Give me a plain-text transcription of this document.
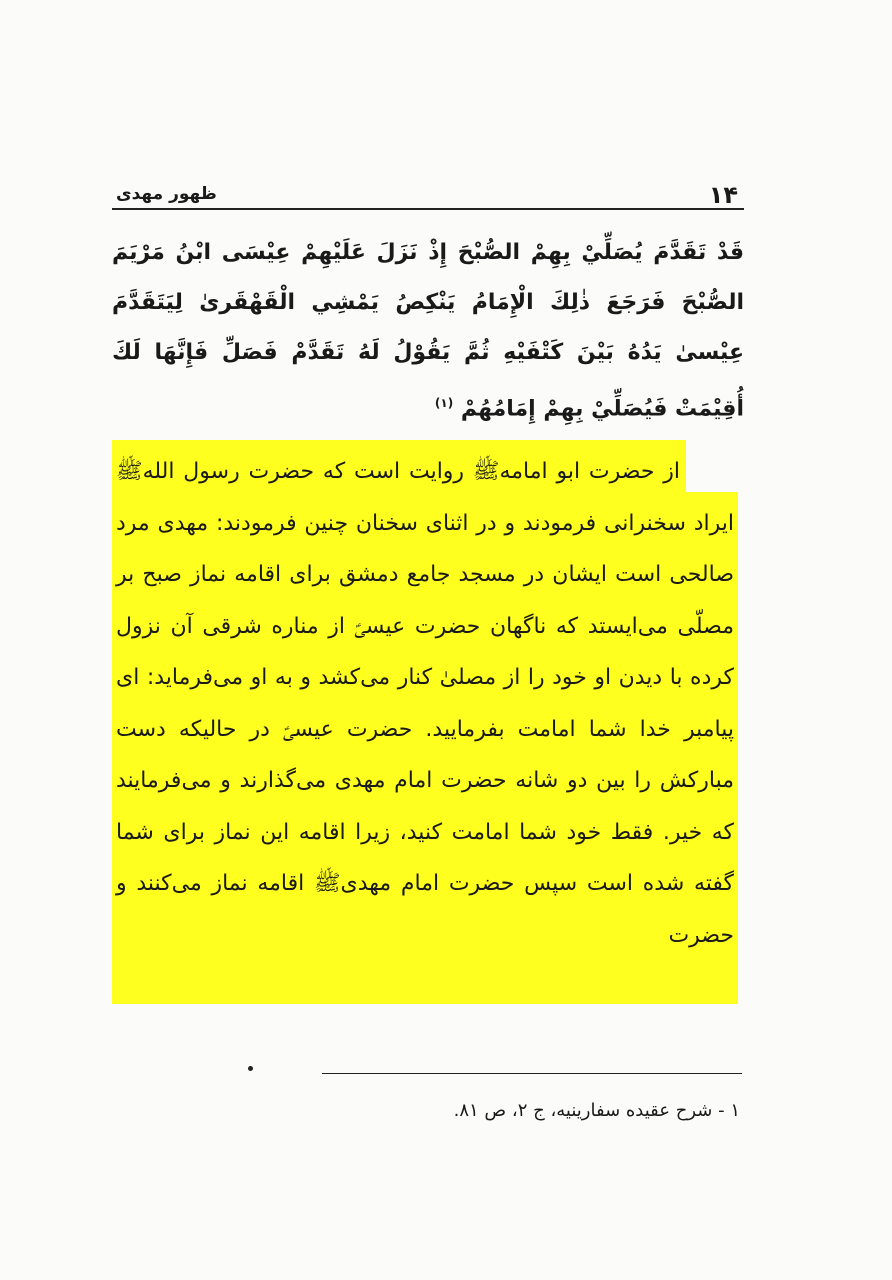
۱۴
ظهور مهدی
قَدْ تَقَدَّمَ يُصَلِّيْ بِهِمْ الصُّبْحَ إِذْ نَزَلَ عَلَيْهِمْ عِيْسَى ابْنُ مَرْيَمَ الصُّبْحَ فَرَجَعَ ذٰلِكَ الْإِمَامُ يَنْكِصُ يَمْشِي الْقَهْقَرىٰ لِيَتَقَدَّمَ عِيْسىٰ يَدُهُ بَيْنَ كَتْفَيْهِ ثُمَّ يَقُوْلُ لَهُ تَقَدَّمْ فَصَلِّ فَإِنَّهَا لَكَ أُقِيْمَتْ فَيُصَلِّيْ بِهِمْ إِمَامُهُمْ $^{(۱)}$
از حضرت ابو امامهﷺ روایت است که حضرت رسول اللهﷺ ایراد سخنرانی فرمودند و در اثنای سخنان چنین فرمودند: مهدی مرد صالحی است ایشان در مسجد جامع دمشق برای اقامه نماز صبح بر مصلّی می‌ایستد که ناگهان حضرت عیسیؑ از مناره شرقی آن نزول کرده با دیدن او خود را از مصلیٰ کنار می‌کشد و به او می‌فرماید: ای پیامبر خدا شما امامت بفرمایید. حضرت عیسیؑ در حالیکه دست مبارکش را بین دو شانه حضرت امام مهدی می‌گذارند و می‌فرمایند که خیر. فقط خود شما امامت کنید، زیرا اقامه این نماز برای شما گفته شده است سپس حضرت امام مهدیﷺ اقامه نماز می‌کنند و حضرت
۱ - شرح عقیده سفارینیه، ج ۲، ص ۸۱.
